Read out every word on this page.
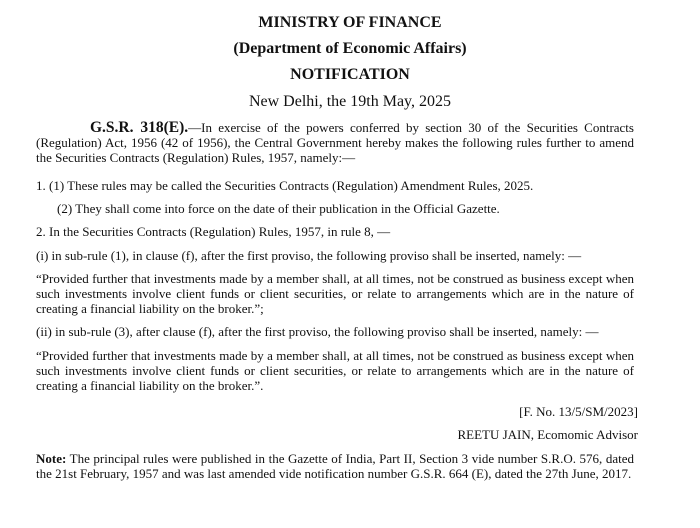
MINISTRY OF FINANCE
(Department of Economic Affairs)
NOTIFICATION
New Delhi, the 19th May, 2025
G.S.R. 318(E).—In exercise of the powers conferred by section 30 of the Securities Contracts (Regulation) Act, 1956 (42 of 1956), the Central Government hereby makes the following rules further to amend the Securities Contracts (Regulation) Rules, 1957, namely:—
1. (1) These rules may be called the Securities Contracts (Regulation) Amendment Rules, 2025.
(2) They shall come into force on the date of their publication in the Official Gazette.
2. In the Securities Contracts (Regulation) Rules, 1957, in rule 8, —
(i) in sub-rule (1), in clause (f), after the first proviso, the following proviso shall be inserted, namely: —
“Provided further that investments made by a member shall, at all times, not be construed as business except when such investments involve client funds or client securities, or relate to arrangements which are in the nature of creating a financial liability on the broker.”;
(ii) in sub-rule (3), after clause (f), after the first proviso, the following proviso shall be inserted, namely: —
“Provided further that investments made by a member shall, at all times, not be construed as business except when such investments involve client funds or client securities, or relate to arrangements which are in the nature of creating a financial liability on the broker.”.
[F. No. 13/5/SM/2023]
REETU JAIN, Ecomomic Advisor
Note: The principal rules were published in the Gazette of India, Part II, Section 3 vide number S.R.O. 576, dated the 21st February, 1957 and was last amended vide notification number G.S.R. 664 (E), dated the 27th June, 2017.
